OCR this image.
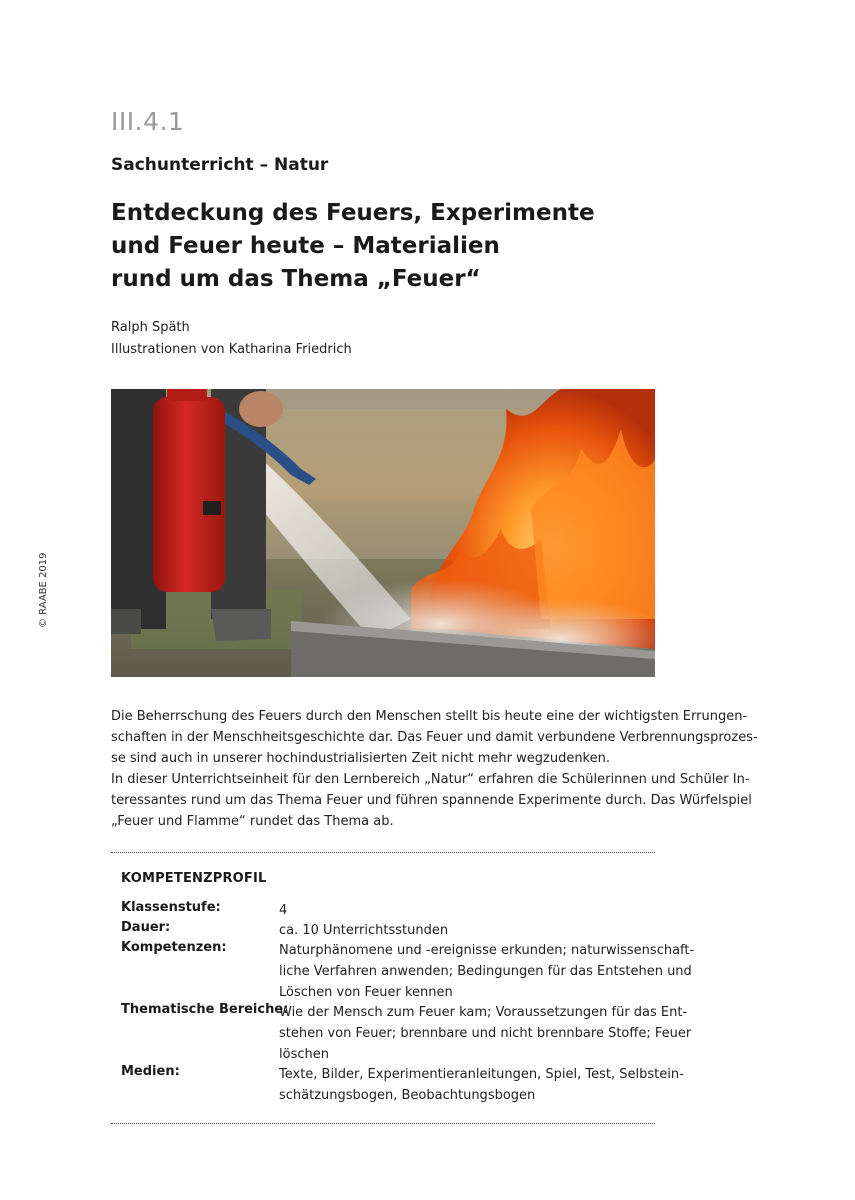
© RAABE 2019
III.4.1
Sachunterricht – Natur
Entdeckung des Feuers, Experimente
und Feuer heute – Materialien
rund um das Thema „Feuer“
Ralph Späth
Illustrationen von Katharina Friedrich

Die Beherrschung des Feuers durch den Menschen stellt bis heute eine der wichtigsten Errungen-
schaften in der Menschheitsgeschichte dar. Das Feuer und damit verbundene Verbrennungsprozes-
se sind auch in unserer hochindustrialisierten Zeit nicht mehr wegzudenken.

In dieser Unterrichtseinheit für den Lernbereich „Natur“ erfahren die Schülerinnen und Schüler In-
teressantes rund um das Thema Feuer und führen spannende Experimente durch. Das Würfelspiel
„Feuer und Flamme“ rundet das Thema ab.

KOMPETENZPROFIL
Klassenstufe:	4
Dauer:	ca. 10 Unterrichtsstunden
Kompetenzen:	Naturphänomene und -ereignisse erkunden; naturwissenschaft-
liche Verfahren anwenden; Bedingungen für das Entstehen und
Löschen von Feuer kennen
Thematische Bereiche:
Wie der Mensch zum Feuer kam; Voraussetzungen für das Ent-
stehen von Feuer; brennbare und nicht brennbare Stoffe; Feuer
löschen
Medien:	Texte, Bilder, Experimentieranleitungen, Spiel, Test, Selbstein-
schätzungsbogen, Beobachtungsbogen
